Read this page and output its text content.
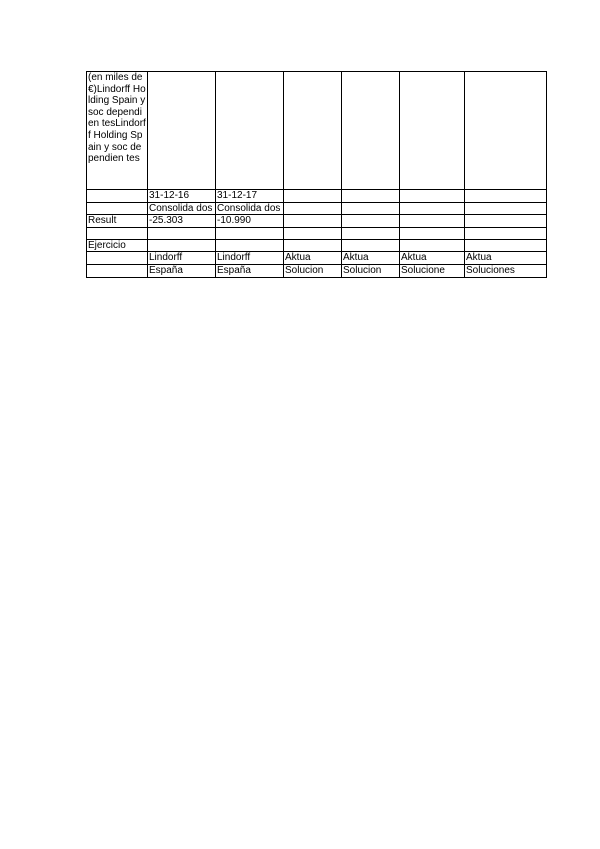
(en miles de €)Lindorff Holding Spain y soc dependien tesLindorff Holding Spain y soc dependien tes						
	31-12-16	31-12-17				
	Consolida dos	Consolida dos				
Result	-25.303	-10.990				

Ejercicio						
	Lindorff	Lindorff	Aktua	Aktua	Aktua	Aktua
	España	España	Solucion	Solucion	Solucione	Soluciones
